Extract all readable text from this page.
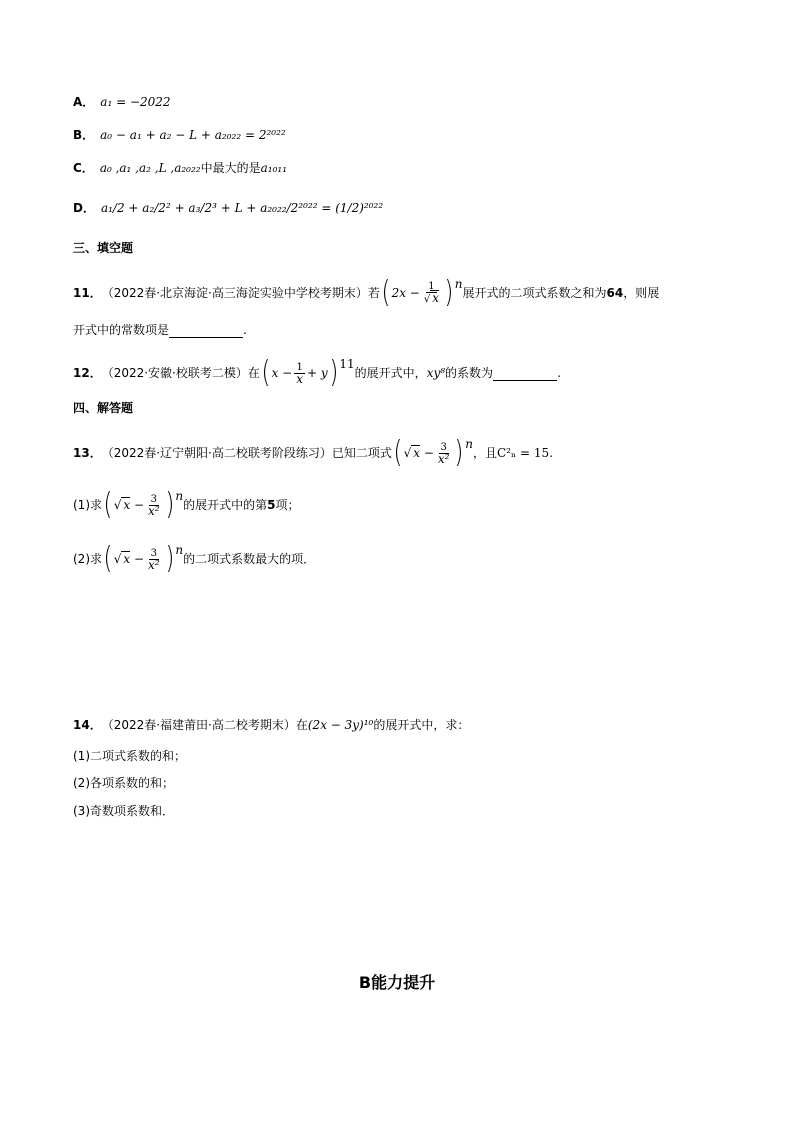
A． a₁ = −2022
B． a₀ − a₁ + a₂ − L + a₂₀₂₂ = 2²⁰²²
C． a₀ ,a₁ ,a₂ ,L ,a₂₀₂₂ 中最大的是 a₁₀₁₁
D． a₁/2 + a₂/2² + a₃/2³ + L + a₂₀₂₂/2²⁰²² = (1/2)²⁰²²
三、填空题
11． （2022春·北京海淀·高三海淀实验中学校考期末）若 ( $2x - \frac{1}{√ x}$ ) n
展开式的二项式系数之和为 64 ，则展
开式中的常数项是	.
12． （2022·安徽·校联考二模）在 ( $x - \frac{1}{x} + y$ ) 11
的展开式中， xy⁸ 的系数为	.
四、解答题
13． （2022春·辽宁朝阳·高二校联考阶段练习）已知二项式 ( √ $x - \frac{3}{\text{x²}}$ ) n
，且 C²ₙ = 15 .
(1)求 ( √ $x - \frac{3}{\text{x²}}$ ) n
的展开式中的第 5 项；
(2)求 ( √ $x - \frac{3}{\text{x²}}$ ) n
的二项式系数最大的项．
14． （2022春·福建莆田·高二校考期末）在 (2x − 3y)¹⁰ 的展开式中，求：
(1)二项式系数的和；
(2)各项系数的和；
(3)奇数项系数和．
B能力提升
